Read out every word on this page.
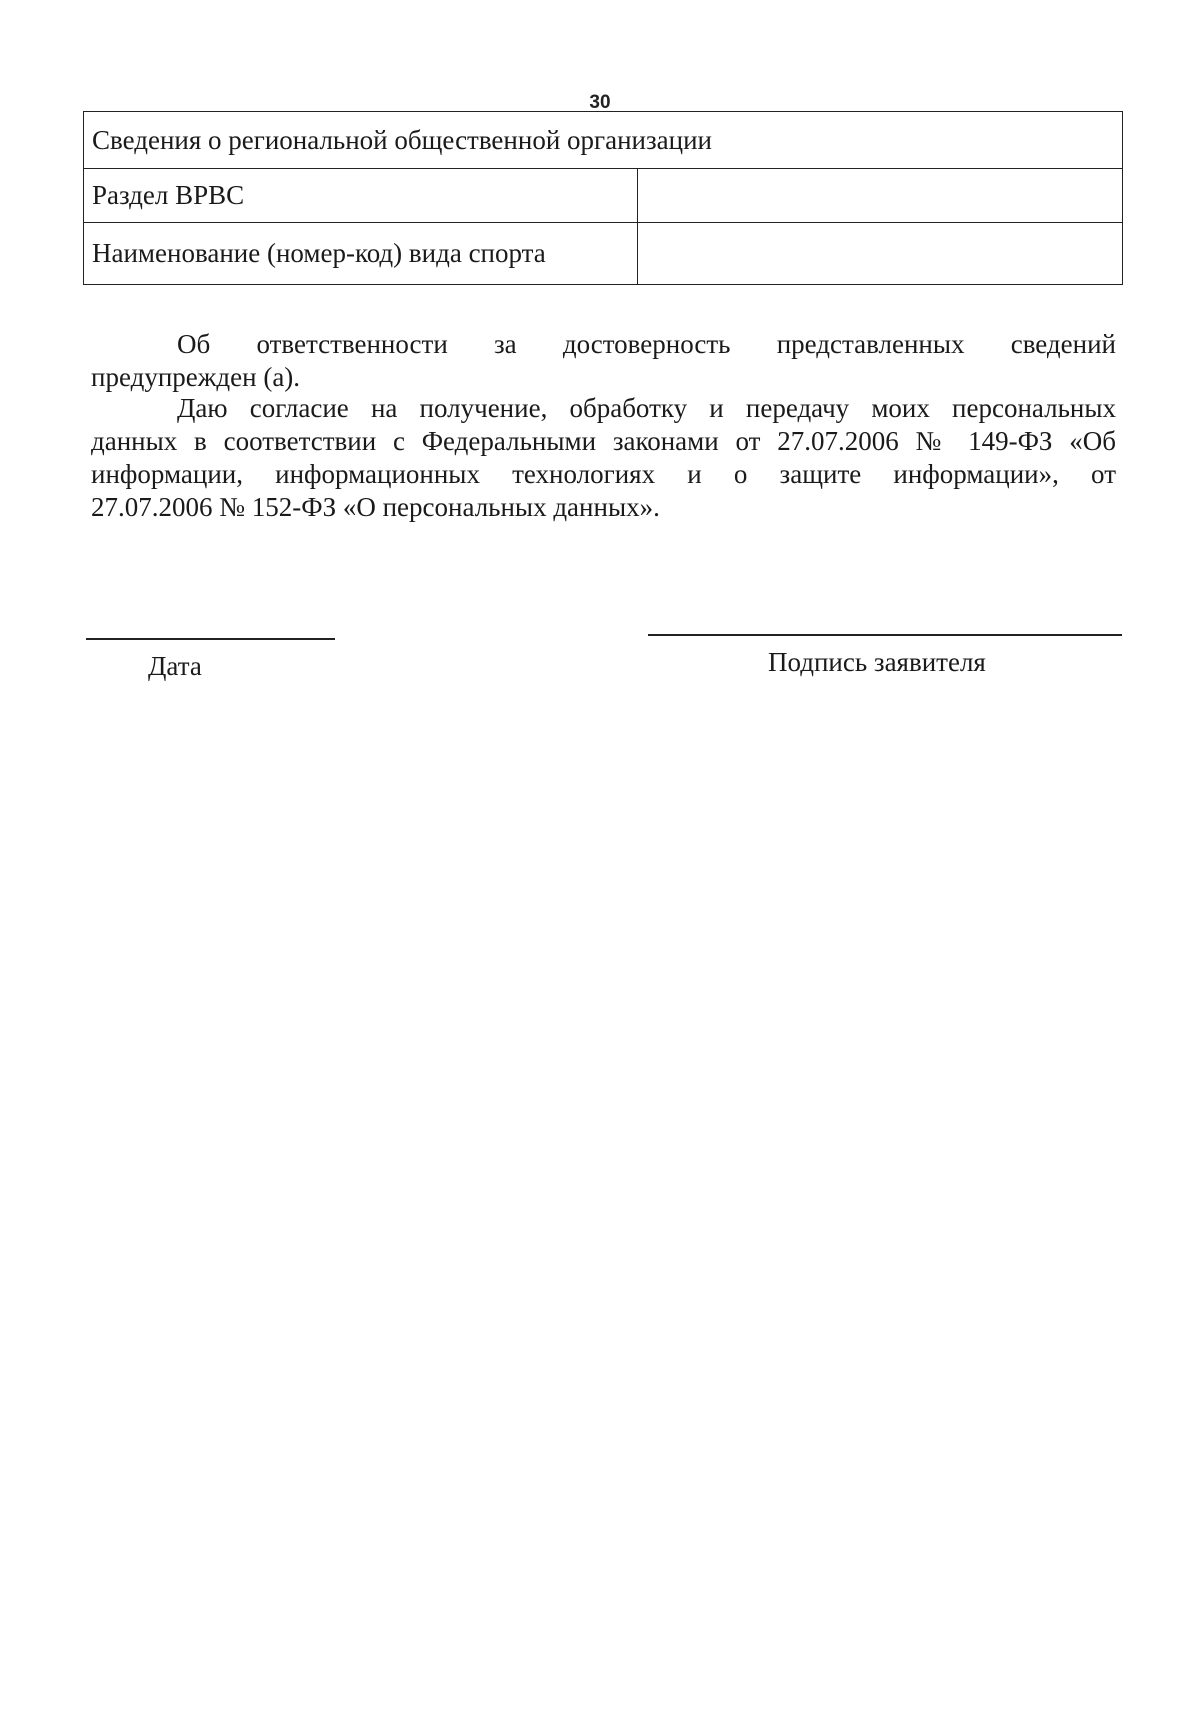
30
Сведения о региональной общественной организации	
Раздел ВРВС	
Наименование (номер-код) вида спорта	
Об ответственности за достоверность представленных сведений
предупрежден (а).
Даю согласие на получение, обработку и передачу моих персональных
данных в соответствии с Федеральными законами от 27.07.2006 № 149-ФЗ «Об
информации, информационных технологиях и о защите информации», от
27.07.2006 № 152-ФЗ «О персональных данных».
Дата	Подпись заявителя
